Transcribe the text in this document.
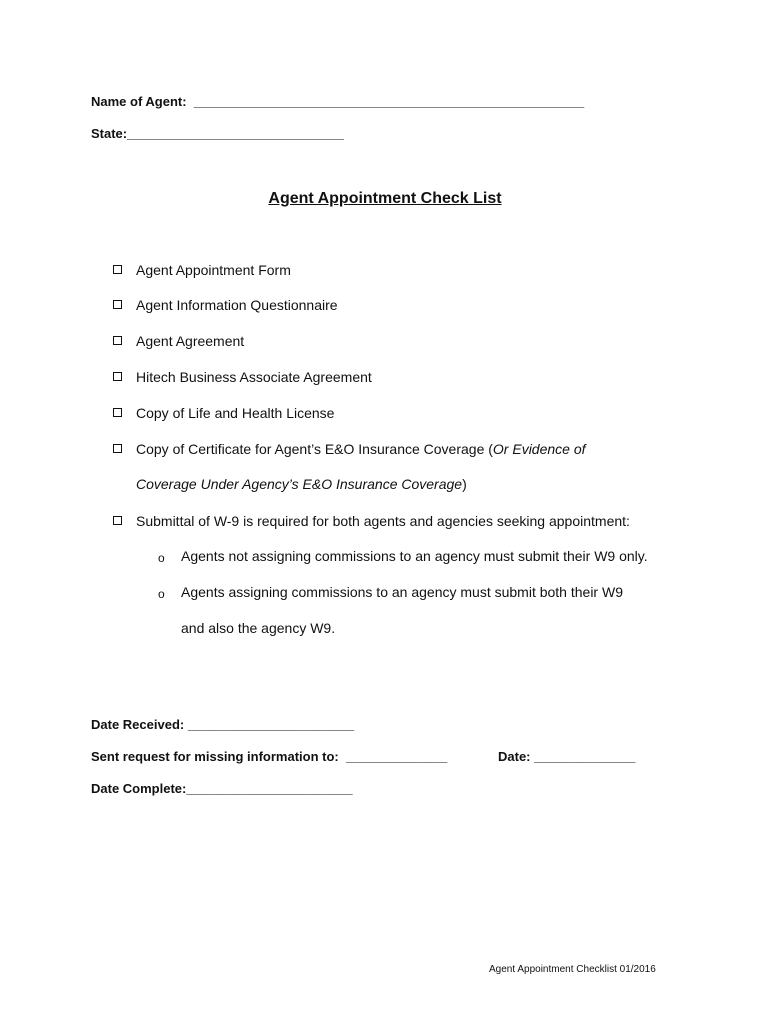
Name of Agent:  ______________________________________________________
State:______________________________
Agent Appointment Check List
Agent Appointment Form
Agent Information Questionnaire
Agent Agreement
Hitech Business Associate Agreement
Copy of Life and Health License
Copy of Certificate for Agent’s E&O Insurance Coverage (Or Evidence of
Coverage Under Agency’s E&O Insurance Coverage)
Submittal of W-9 is required for both agents and agencies seeking appointment:
o Agents not assigning commissions to an agency must submit their W9 only.
o Agents assigning commissions to an agency must submit both their W9
and also the agency W9.
Date Received: _______________________
Sent request for missing information to:  ______________	Date: ______________
Date Complete:_______________________
Agent Appointment Checklist 01/2016
